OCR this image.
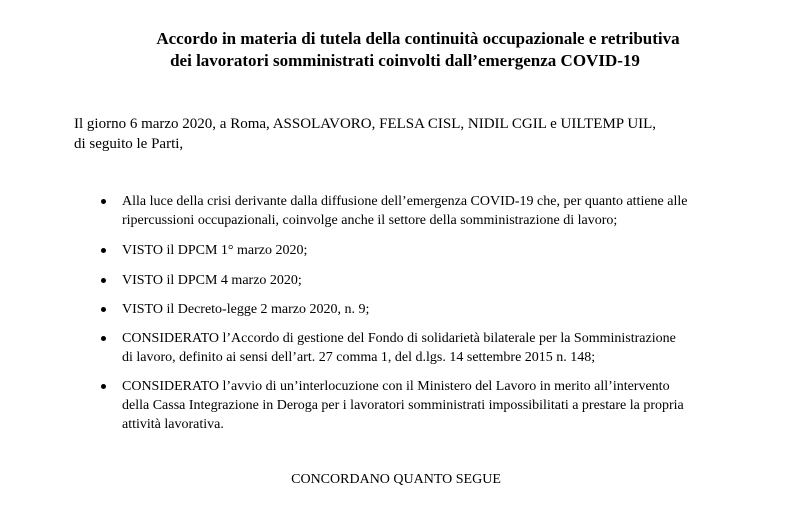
Accordo in materia di tutela della continuità occupazionale e retributiva
dei lavoratori somministrati coinvolti dall’emergenza COVID-19
Il giorno 6 marzo 2020, a Roma, ASSOLAVORO, FELSA CISL, NIDIL CGIL e UILTEMP UIL,
di seguito le Parti,
Alla luce della crisi derivante dalla diffusione dell’emergenza COVID-19 che, per quanto attiene alle
ripercussioni occupazionali, coinvolge anche il settore della somministrazione di lavoro;
VISTO il DPCM 1° marzo 2020;
VISTO il DPCM 4 marzo 2020;
VISTO il Decreto-legge 2 marzo 2020, n. 9;
CONSIDERATO l’Accordo di gestione del Fondo di solidarietà bilaterale per la Somministrazione
di lavoro, definito ai sensi dell’art. 27 comma 1, del d.lgs. 14 settembre 2015 n. 148;
CONSIDERATO l’avvio di un’interlocuzione con il Ministero del Lavoro in merito all’intervento
della Cassa Integrazione in Deroga per i lavoratori somministrati impossibilitati a prestare la propria
attività lavorativa.
CONCORDANO QUANTO SEGUE
